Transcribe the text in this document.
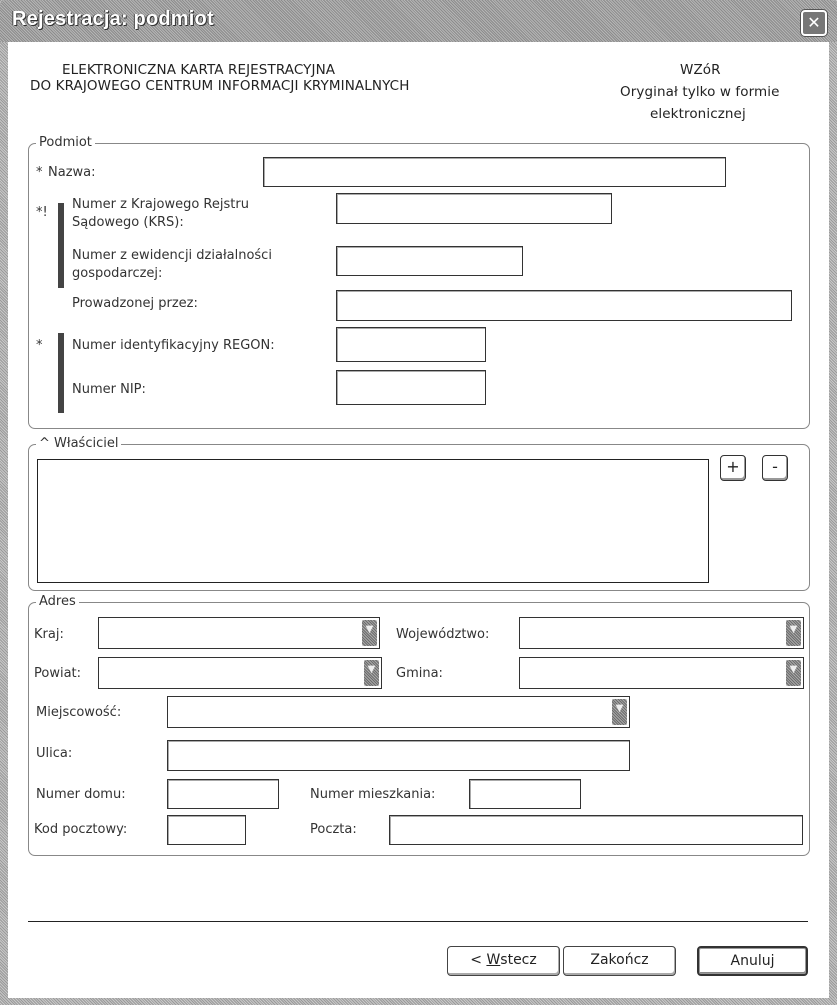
Rejestracja: podmiot	✕
ELEKTRONICZNA KARTA REJESTRACYJNA
DO KRAJOWEGO CENTRUM INFORMACJI KRYMINALNYCH
WZóR
Oryginał tylko w formie
elektronicznej
Podmiot
* Nazwa:
*!
Numer z Krajowego Rejstru
Sądowego (KRS):
Numer z ewidencji działalności
gospodarczej:
Prowadzonej przez:
* Numer identyfikacyjny REGON:
Numer NIP:
^ Właściciel
+	-
Adres
Kraj:	▼ Województwo:	▼
Powiat:	▼ Gmina:	▼
Miejscowość:	▼
Ulica:
Numer domu:	Numer mieszkania:
Kod pocztowy:	Poczta:
< Wstecz	Zakończ	Anuluj
